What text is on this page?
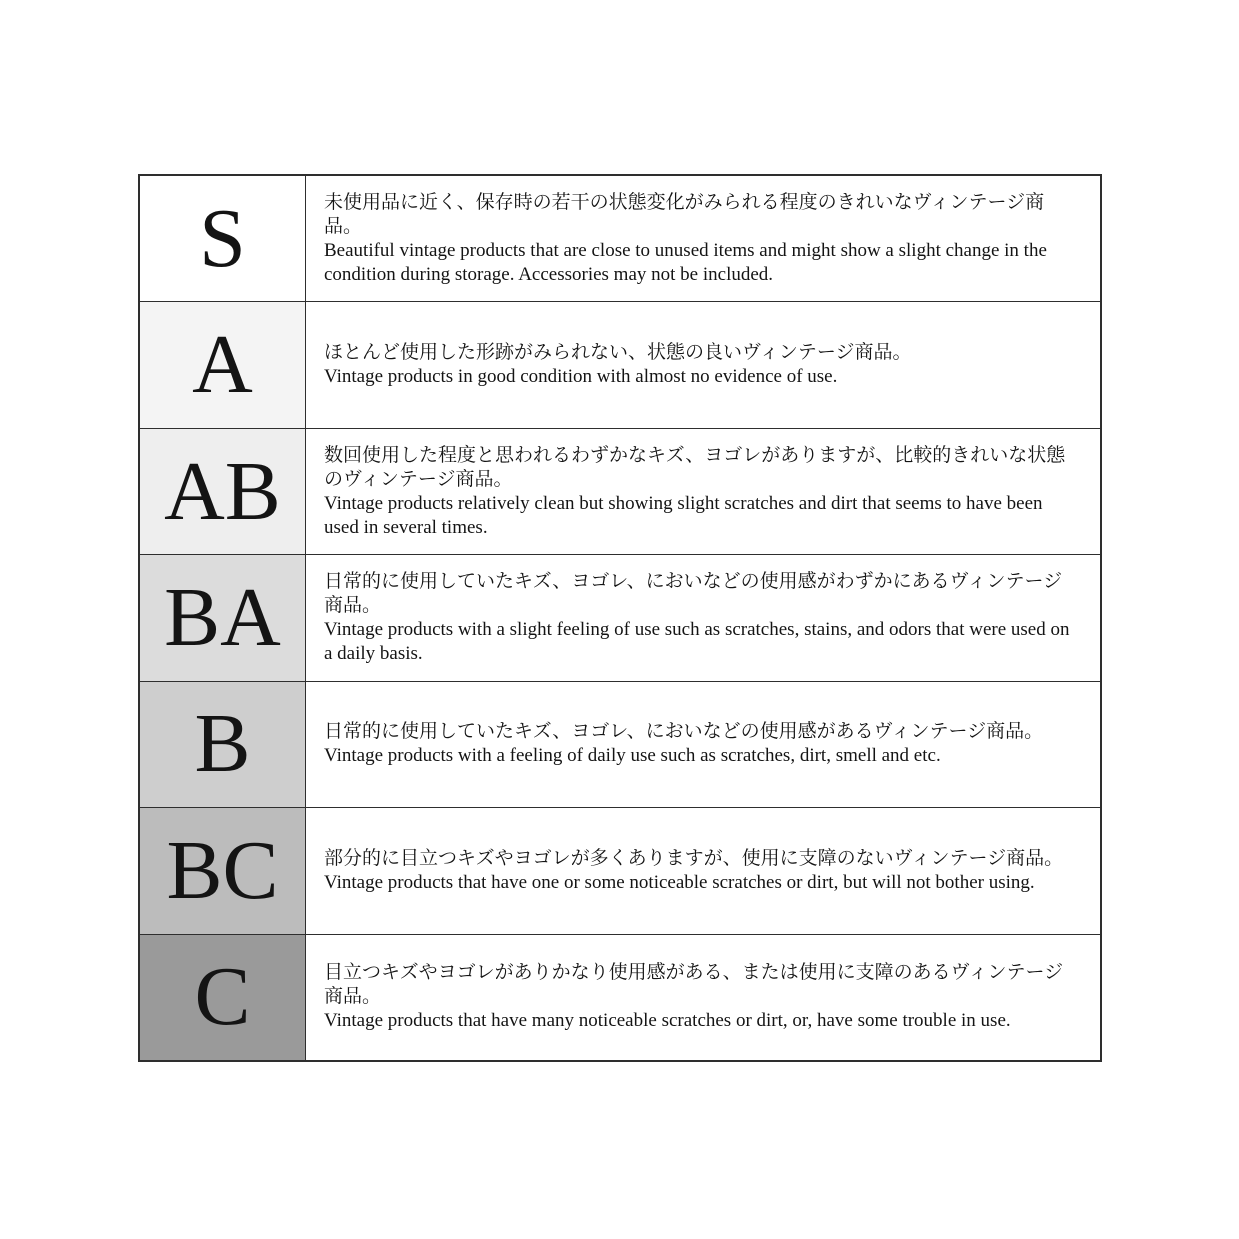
S	未使用品に近く、保存時の若干の状態変化がみられる程度のきれいなヴィンテージ商品。

Beautiful vintage products that are close to unused items and might show a slight change in the condition during storage. Accessories may not be included.

A	ほとんど使用した形跡がみられない、状態の良いヴィンテージ商品。

Vintage products in good condition with almost no evidence of use.

AB 数回使用した程度と思われるわずかなキズ、ヨゴレがありますが、比較的きれいな状態のヴィンテージ商品。

Vintage products relatively clean but showing slight scratches and dirt that seems to have been used in several times.

BA 日常的に使用していたキズ、ヨゴレ、においなどの使用感がわずかにあるヴィンテージ商品。

Vintage products with a slight feeling of use such as scratches, stains, and odors that were used on a daily basis.

B	日常的に使用していたキズ、ヨゴレ、においなどの使用感があるヴィンテージ商品。

Vintage products with a feeling of daily use such as scratches, dirt, smell and etc.

BC 部分的に目立つキズやヨゴレが多くありますが、使用に支障のないヴィンテージ商品。

Vintage products that have one or some noticeable scratches or dirt, but will not bother using.

C	目立つキズやヨゴレがありかなり使用感がある、または使用に支障のあるヴィンテージ商品。

Vintage products that have many noticeable scratches or dirt, or, have some trouble in use.
